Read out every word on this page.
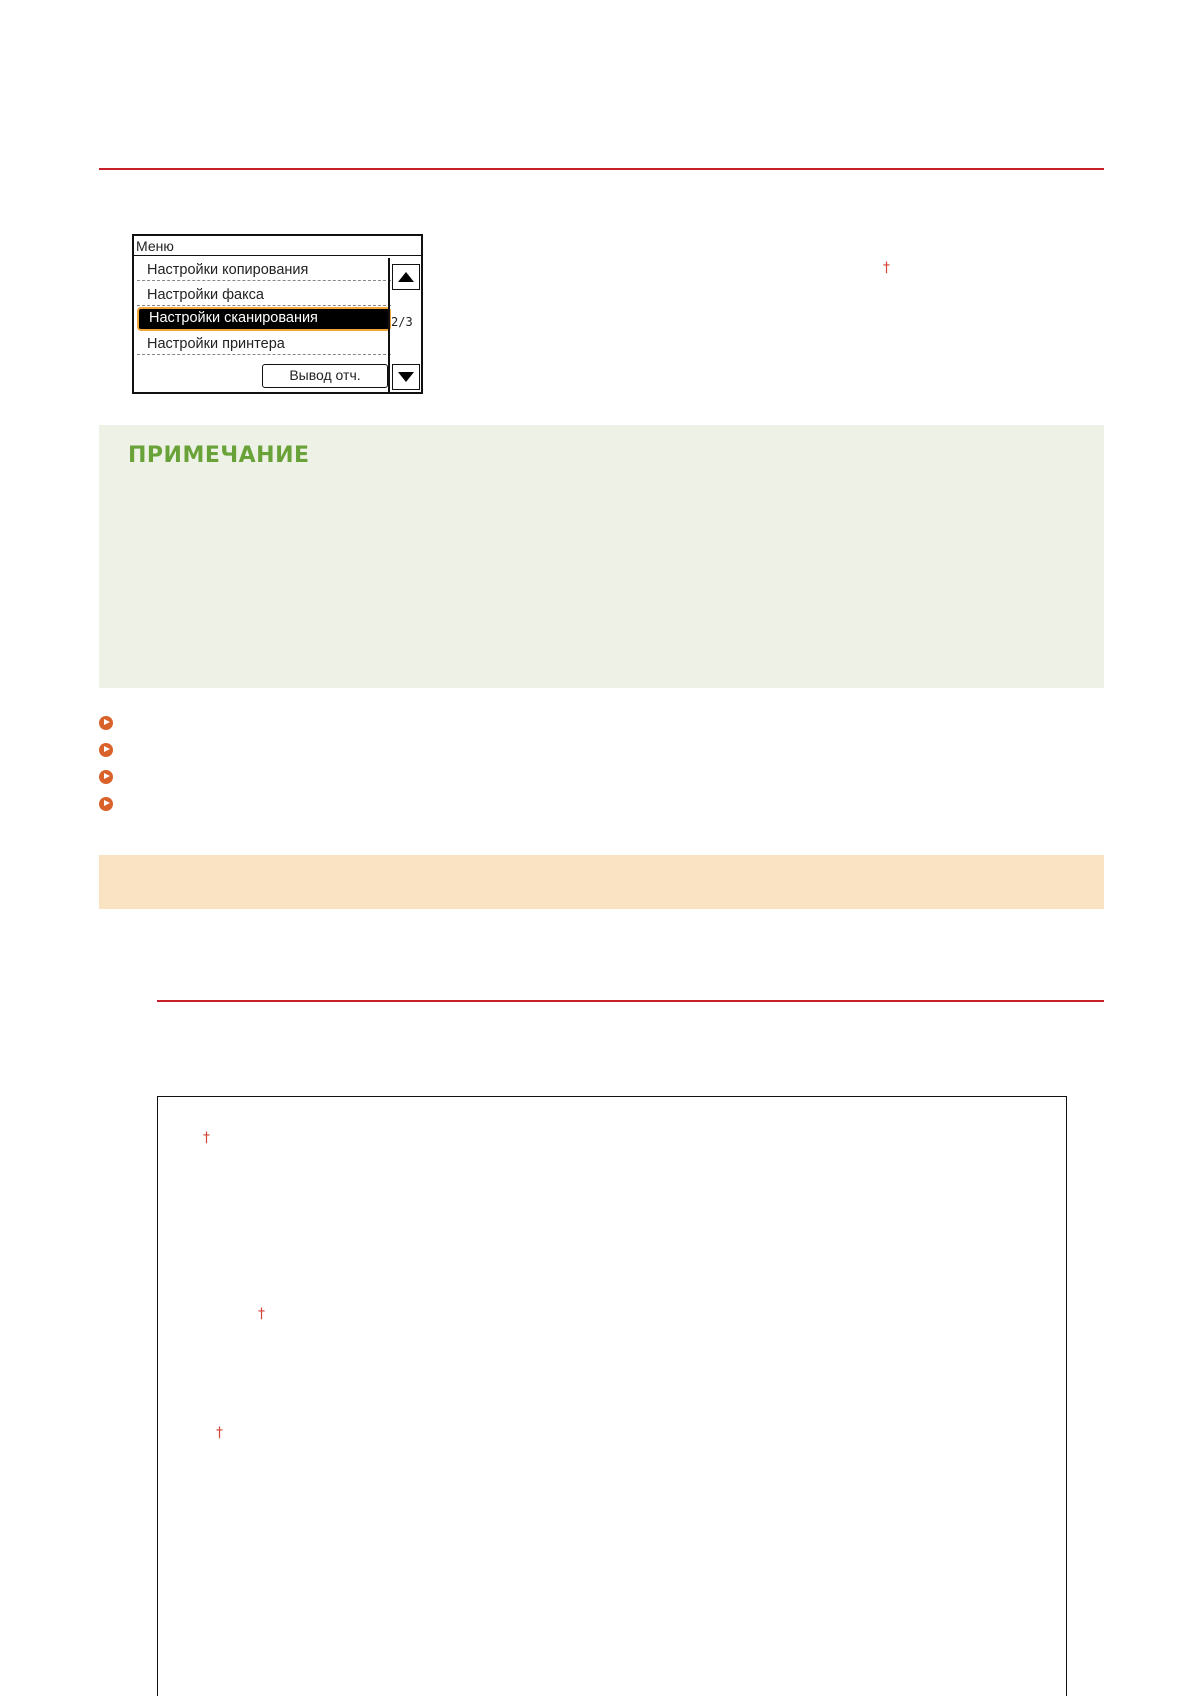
Меню
Настройки копирования
Настройки факса
Настройки сканирования
Настройки принтера
2/3
Вывод отч.
†
†
†
†
ПРИМЕЧАНИЕ
